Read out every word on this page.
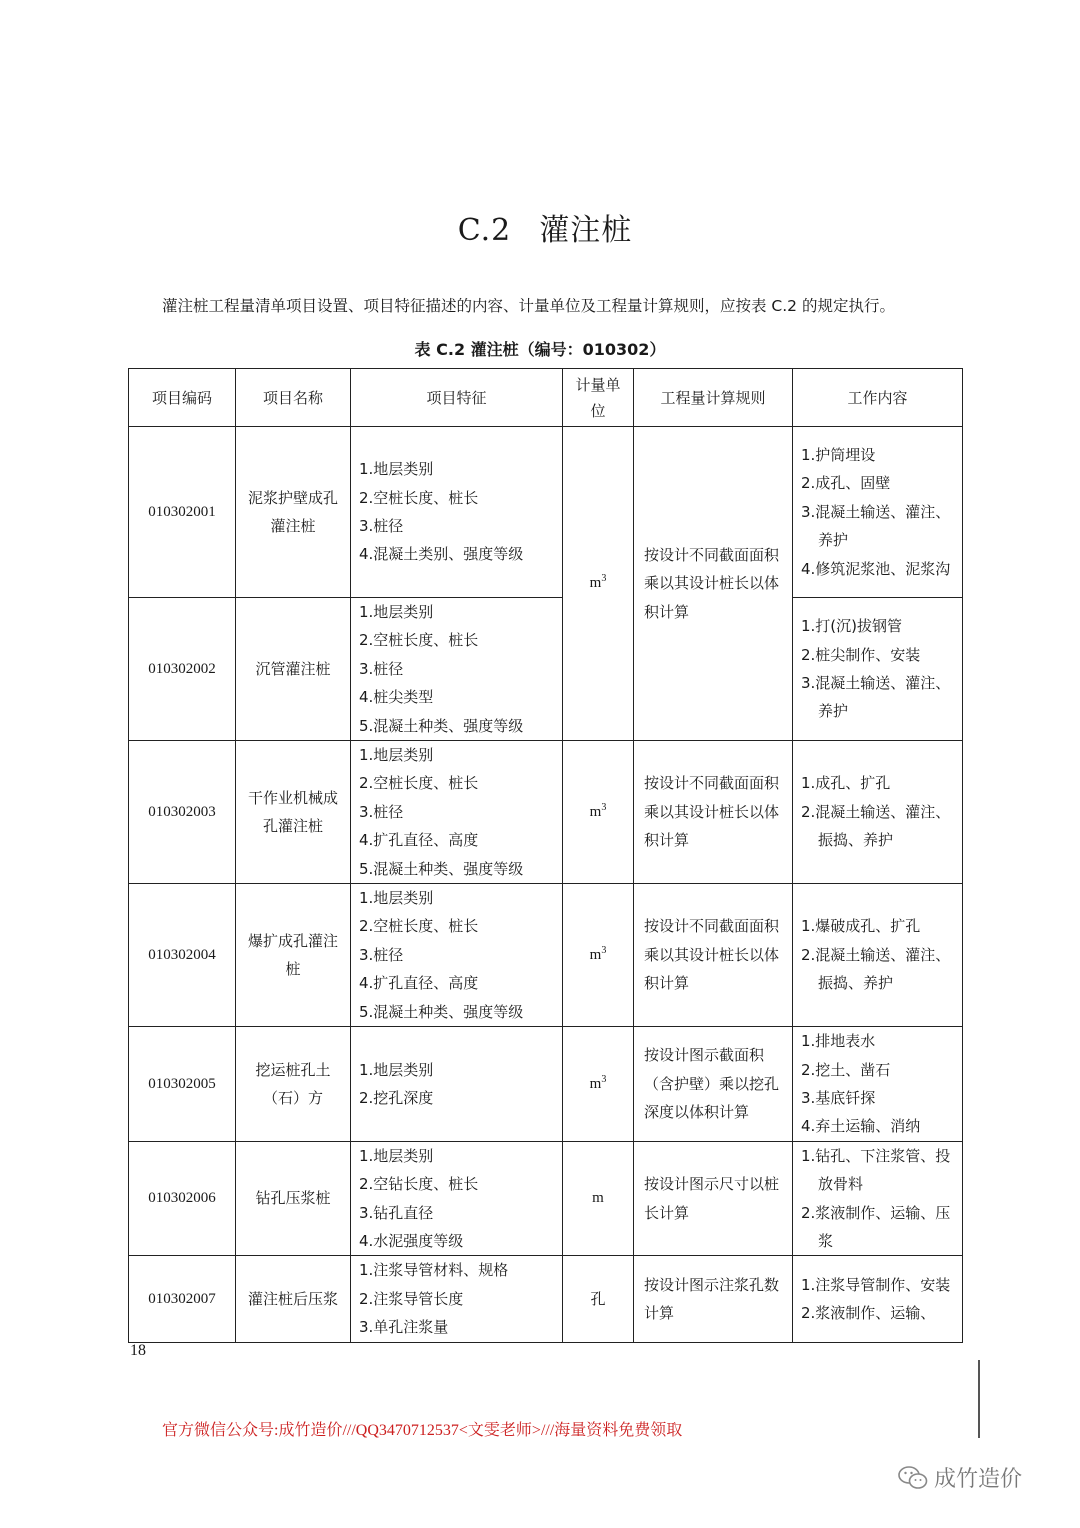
C.2 灌注桩
灌注桩工程量清单项目设置、项目特征描述的内容、计量单位及工程量计算规则，应按表 C.2 的规定执行。
表 C.2 灌注桩（编号：010302）
项目编码	项目名称	项目特征	计量单位	工程量计算规则	工作内容
010302001	泥浆护壁成孔灌注桩	1.地层类别
2.空桩长度、桩长
3.桩径
4.混凝土类别、强度等级	$m^3$	按设计不同截面面积乘以其设计桩长以体积计算	1.护筒埋设
2.成孔、固壁
3.混凝土输送、灌注、养护
4.修筑泥浆池、泥浆沟

010302002	沉管灌注桩	1.地层类别
2.空桩长度、桩长
3.桩径
4.桩尖类型
5.混凝土种类、强度等级			1.打(沉)拔钢管
2.桩尖制作、安装
3.混凝土输送、灌注、养护

010302003	干作业机械成孔灌注桩	1.地层类别
2.空桩长度、桩长
3.桩径
4.扩孔直径、高度
5.混凝土种类、强度等级	$m^3$	按设计不同截面面积乘以其设计桩长以体积计算	1.成孔、扩孔
2.混凝土输送、灌注、振捣、养护

010302004	爆扩成孔灌注桩	1.地层类别
2.空桩长度、桩长
3.桩径
4.扩孔直径、高度
5.混凝土种类、强度等级	$m^3$	按设计不同截面面积乘以其设计桩长以体积计算	1.爆破成孔、扩孔
2.混凝土输送、灌注、振捣、养护

010302005	挖运桩孔土（石）方	1.地层类别
2.挖孔深度	$m^3$	按设计图示截面积（含护壁）乘以挖孔深度以体积计算	1.排地表水
2.挖土、凿石
3.基底钎探
4.弃土运输、消纳

010302006	钻孔压浆桩	1.地层类别
2.空钻长度、桩长
3.钻孔直径
4.水泥强度等级	m	按设计图示尺寸以桩长计算	1.钻孔、下注浆管、投放骨料
2.浆液制作、运输、压浆

010302007	灌注桩后压浆	1.注浆导管材料、规格
2.注浆导管长度
3.单孔注浆量	孔	按设计图示注浆孔数计算	1.注浆导管制作、安装
2.浆液制作、运输、
18
官方微信公众号:成竹造价///QQ3470712537<文雯老师>///海量资料免费领取
成竹造价
